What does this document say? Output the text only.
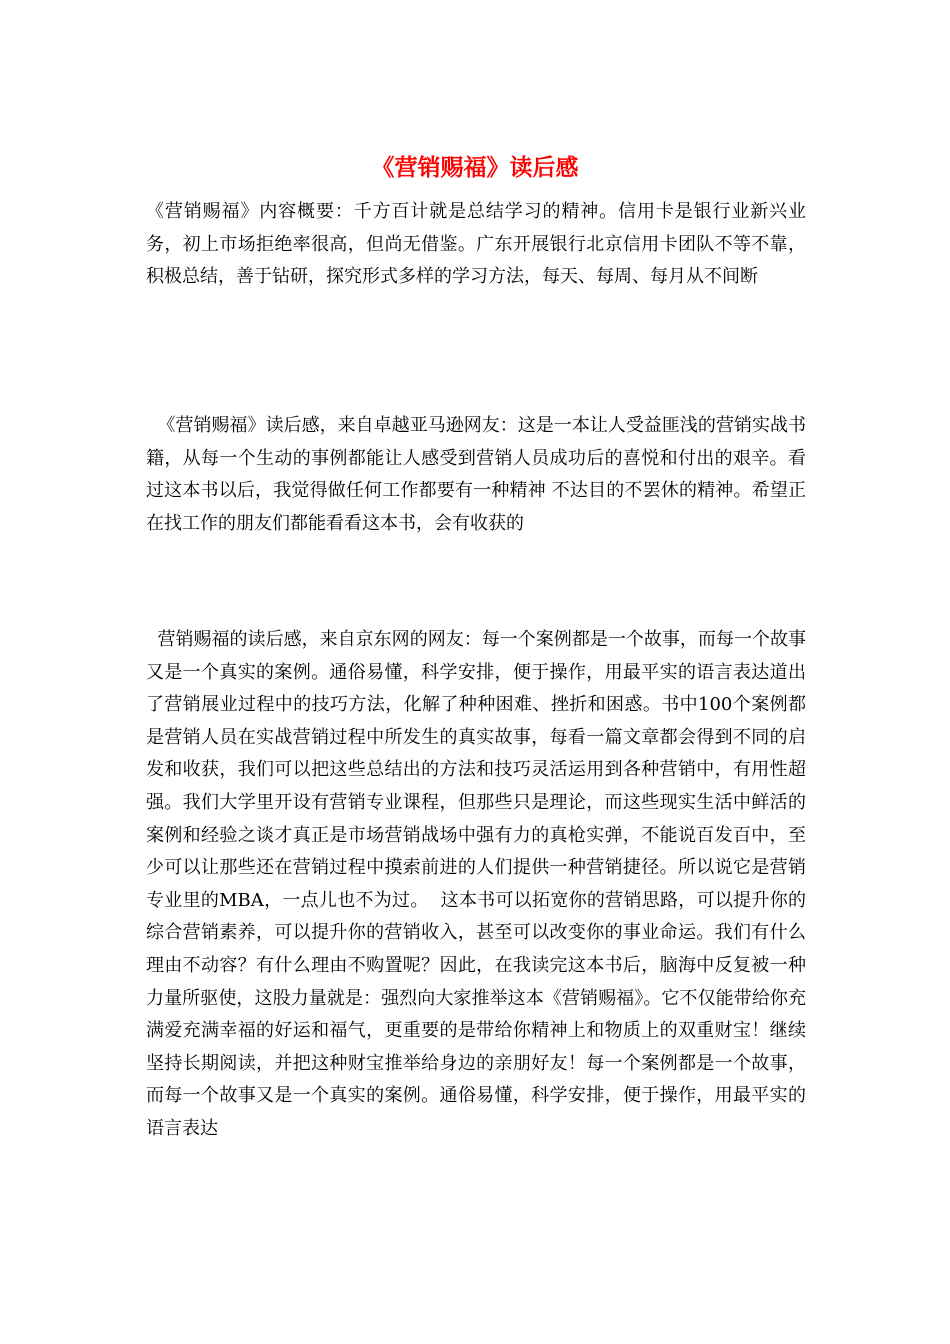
《营销赐福》读后感

《营销赐福》内容概要：千方百计就是总结学习的精神。信用卡是银行业新兴业务，初上市场拒绝率很高，但尚无借鉴。广东开展银行北京信用卡团队不等不靠，积极总结，善于钻研，探究形式多样的学习方法，每天、每周、每月从不间断

《营销赐福》读后感，来自卓越亚马逊网友：这是一本让人受益匪浅的营销实战书籍，从每一个生动的事例都能让人感受到营销人员成功后的喜悦和付出的艰辛。看过这本书以后，我觉得做任何工作都要有一种精神 不达目的不罢休的精神。希望正在找工作的朋友们都能看看这本书，会有收获的

营销赐福的读后感，来自京东网的网友：每一个案例都是一个故事，而每一个故事又是一个真实的案例。通俗易懂，科学安排，便于操作，用最平实的语言表达道出了营销展业过程中的技巧方法，化解了种种困难、挫折和困惑。书中100个案例都是营销人员在实战营销过程中所发生的真实故事，每看一篇文章都会得到不同的启发和收获，我们可以把这些总结出的方法和技巧灵活运用到各种营销中，有用性超强。我们大学里开设有营销专业课程，但那些只是理论，而这些现实生活中鲜活的案例和经验之谈才真正是市场营销战场中强有力的真枪实弹，不能说百发百中，至少可以让那些还在营销过程中摸索前进的人们提供一种营销捷径。所以说它是营销专业里的MBA，一点儿也不为过。  这本书可以拓宽你的营销思路，可以提升你的综合营销素养，可以提升你的营销收入，甚至可以改变你的事业命运。我们有什么理由不动容？有什么理由不购置呢？因此，在我读完这本书后，脑海中反复被一种力量所驱使，这股力量就是：强烈向大家推举这本《营销赐福》。它不仅能带给你充满爱充满幸福的好运和福气，更重要的是带给你精神上和物质上的双重财宝！继续坚持长期阅读，并把这种财宝推举给身边的亲朋好友！每一个案例都是一个故事，而每一个故事又是一个真实的案例。通俗易懂，科学安排，便于操作，用最平实的语言表达
